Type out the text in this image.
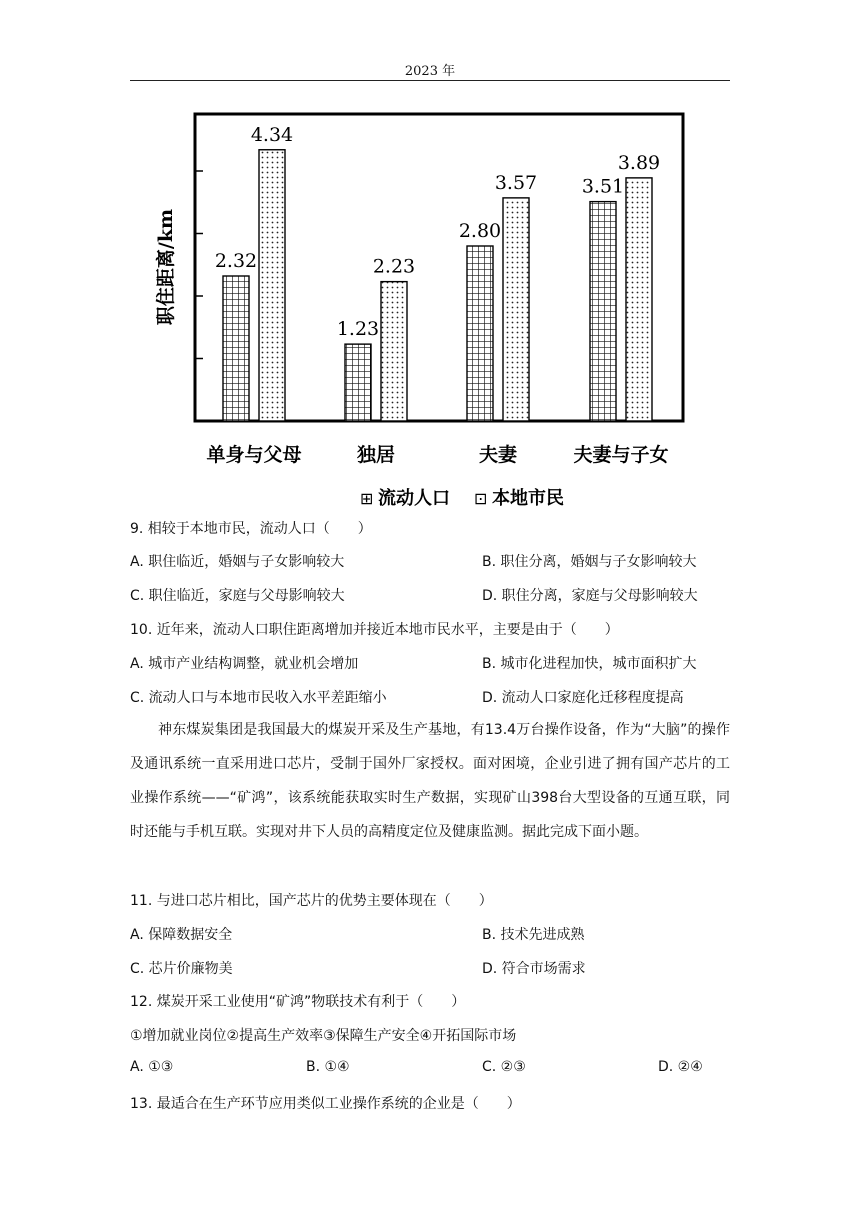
2023 年
2.32
4.34
1.23
2.23
2.80
3.57 3.51
3.89
单身与父母	独居	夫妻	夫妻与子女
职住距离/km
⊞ 流动人口 ⊡ 本地市民
9. 相较于本地市民，流动人口（　　）
A. 职住临近，婚姻与子女影响较大	B. 职住分离，婚姻与子女影响较大
C. 职住临近，家庭与父母影响较大	D. 职住分离，家庭与父母影响较大
10. 近年来，流动人口职住距离增加并接近本地市民水平，主要是由于（　　）
A. 城市产业结构调整，就业机会增加	B. 城市化进程加快，城市面积扩大
C. 流动人口与本地市民收入水平差距缩小	D. 流动人口家庭化迁移程度提高
神东煤炭集团是我国最大的煤炭开采及生产基地，有13.4万台操作设备，作为“大脑”的操作及通讯系统一直采用进口芯片，受制于国外厂家授权。面对困境，企业引进了拥有国产芯片的工业操作系统——“矿鸿”，该系统能获取实时生产数据，实现矿山398台大型设备的互通互联，同时还能与手机互联。实现对井下人员的高精度定位及健康监测。据此完成下面小题。
11. 与进口芯片相比，国产芯片的优势主要体现在（　　）
A. 保障数据安全	B. 技术先进成熟
C. 芯片价廉物美	D. 符合市场需求
12. 煤炭开采工业使用“矿鸿”物联技术有利于（　　）
①增加就业岗位②提高生产效率③保障生产安全④开拓国际市场
A. ①③	B. ①④	C. ②③	D. ②④
13. 最适合在生产环节应用类似工业操作系统的企业是（　　）
